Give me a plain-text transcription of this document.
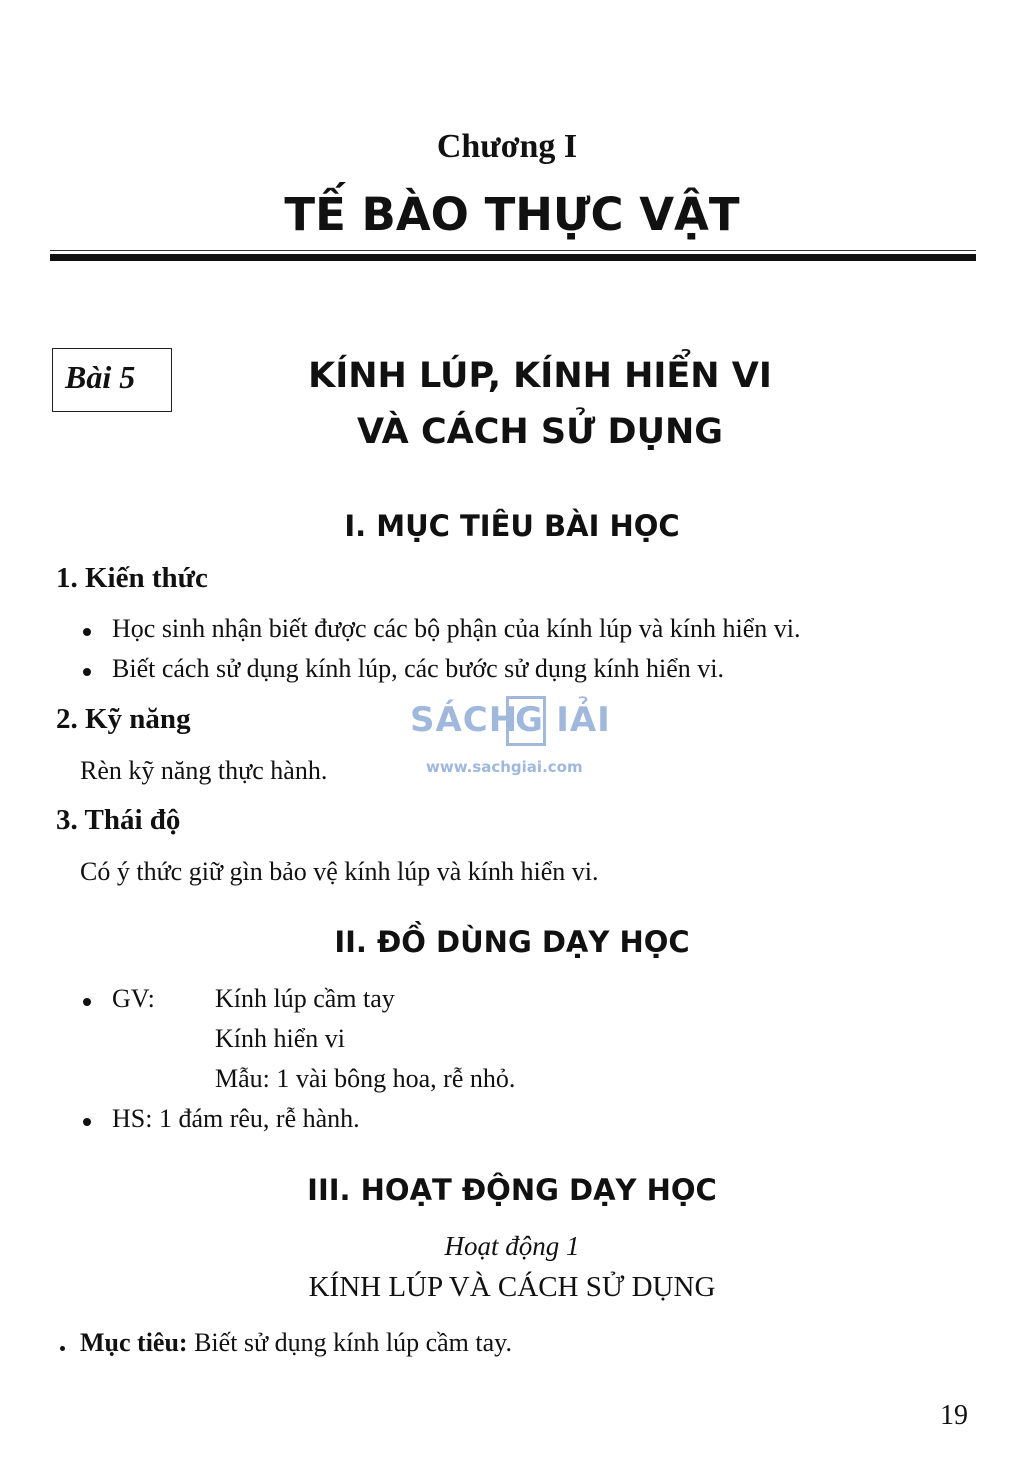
Chương I
TẾ BÀO THỰC VẬT
Bài 5	KÍNH LÚP, KÍNH HIỂN VI
VÀ CÁCH SỬ DỤNG
I. MỤC TIÊU BÀI HỌC
1. Kiến thức
Học sinh nhận biết được các bộ phận của kính lúp và kính hiển vi.
Biết cách sử dụng kính lúp, các bước sử dụng kính hiển vi.
2. Kỹ năng
Rèn kỹ năng thực hành.
3. Thái độ
Có ý thức giữ gìn bảo vệ kính lúp và kính hiển vi.
II. ĐỒ DÙNG DẠY HỌC
GV: Kính lúp cầm tay
Kính hiển vi
Mẫu: 1 vài bông hoa, rễ nhỏ.
HS: 1 đám rêu, rễ hành.
III. HOẠT ĐỘNG DẠY HỌC
Hoạt động 1
KÍNH LÚP VÀ CÁCH SỬ DỤNG
Mục tiêu: Biết sử dụng kính lúp cầm tay.
SÁCH IẢI
G
www.sachgiai.com
19
